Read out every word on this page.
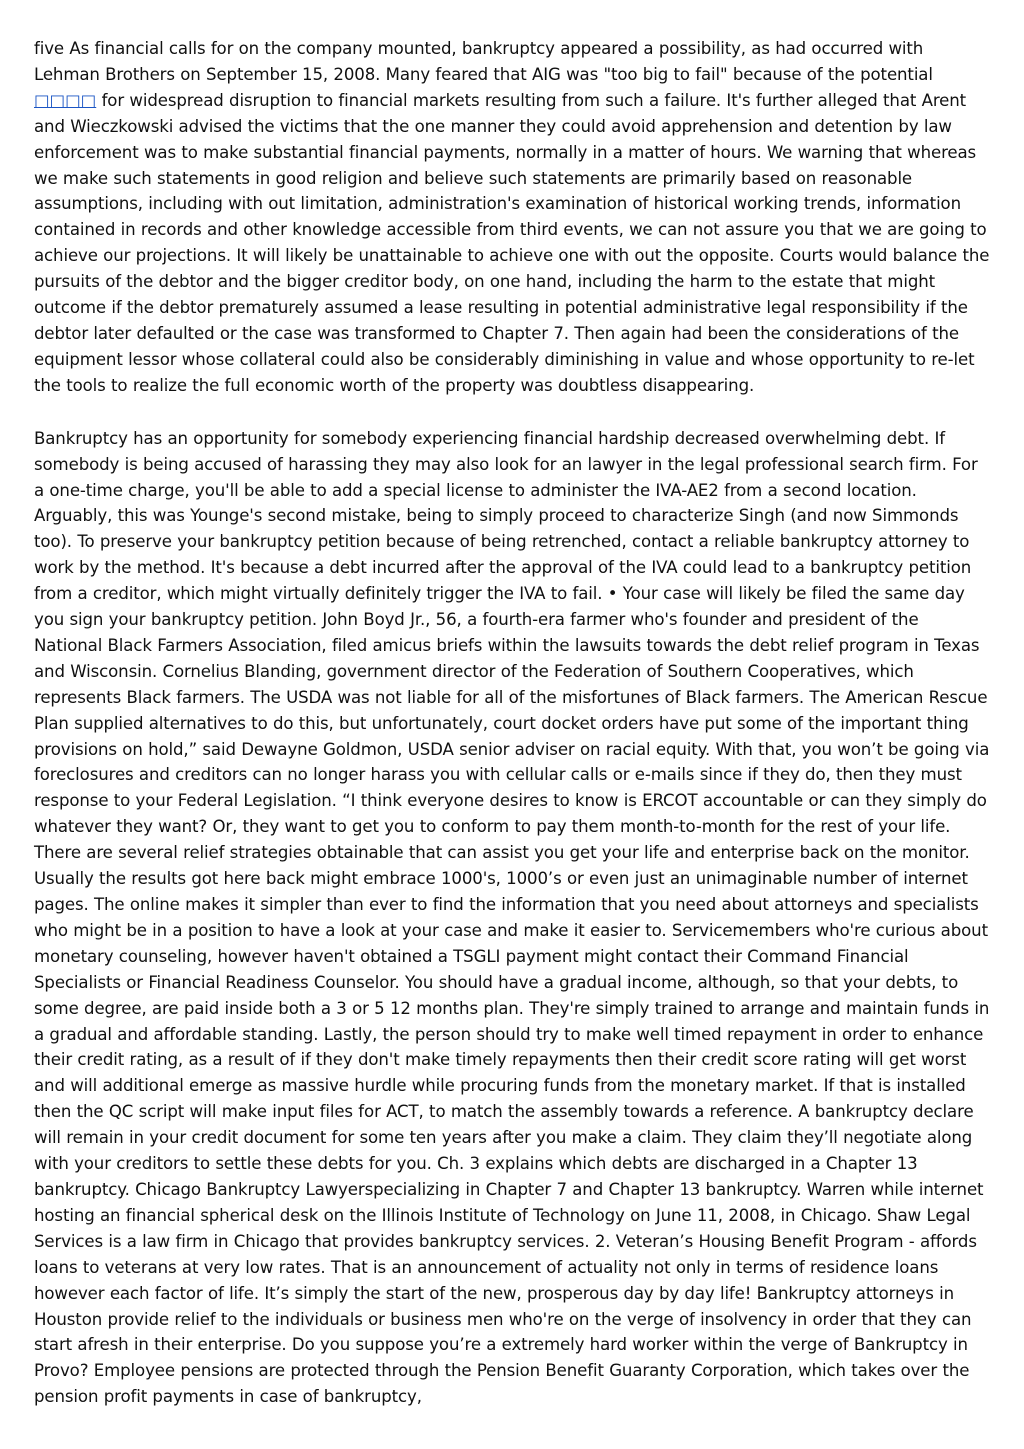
five As financial calls for on the company mounted, bankruptcy appeared a possibility, as had occurred with Lehman Brothers on September 15, 2008. Many feared that AIG was "too big to fail" because of the potential □□□□ for widespread disruption to financial markets resulting from such a failure. It's further alleged that Arent and Wieczkowski advised the victims that the one manner they could avoid apprehension and detention by law enforcement was to make substantial financial payments, normally in a matter of hours. We warning that whereas we make such statements in good religion and believe such statements are primarily based on reasonable assumptions, including with out limitation, administration's examination of historical working trends, information contained in records and other knowledge accessible from third events, we can not assure you that we are going to achieve our projections. It will likely be unattainable to achieve one with out the opposite. Courts would balance the pursuits of the debtor and the bigger creditor body, on one hand, including the harm to the estate that might outcome if the debtor prematurely assumed a lease resulting in potential administrative legal responsibility if the debtor later defaulted or the case was transformed to Chapter 7. Then again had been the considerations of the equipment lessor whose collateral could also be considerably diminishing in value and whose opportunity to re-let the tools to realize the full economic worth of the property was doubtless disappearing.

Bankruptcy has an opportunity for somebody experiencing financial hardship decreased overwhelming debt. If somebody is being accused of harassing they may also look for an lawyer in the legal professional search firm. For a one-time charge, you'll be able to add a special license to administer the IVA-AE2 from a second location. Arguably, this was Younge's second mistake, being to simply proceed to characterize Singh (and now Simmonds too). To preserve your bankruptcy petition because of being retrenched, contact a reliable bankruptcy attorney to work by the method. It's because a debt incurred after the approval of the IVA could lead to a bankruptcy petition from a creditor, which might virtually definitely trigger the IVA to fail. • Your case will likely be filed the same day you sign your bankruptcy petition. John Boyd Jr., 56, a fourth-era farmer who's founder and president of the National Black Farmers Association, filed amicus briefs within the lawsuits towards the debt relief program in Texas and Wisconsin. Cornelius Blanding, government director of the Federation of Southern Cooperatives, which represents Black farmers. The USDA was not liable for all of the misfortunes of Black farmers. The American Rescue Plan supplied alternatives to do this, but unfortunately, court docket orders have put some of the important thing provisions on hold,” said Dewayne Goldmon, USDA senior adviser on racial equity. With that, you won’t be going via foreclosures and creditors can no longer harass you with cellular calls or e-mails since if they do, then they must response to your Federal Legislation. “I think everyone desires to know is ERCOT accountable or can they simply do whatever they want? Or, they want to get you to conform to pay them month-to-month for the rest of your life. There are several relief strategies obtainable that can assist you get your life and enterprise back on the monitor. Usually the results got here back might embrace 1000's, 1000’s or even just an unimaginable number of internet pages. The online makes it simpler than ever to find the information that you need about attorneys and specialists who might be in a position to have a look at your case and make it easier to. Servicemembers who're curious about monetary counseling, however haven't obtained a TSGLI payment might contact their Command Financial Specialists or Financial Readiness Counselor. You should have a gradual income, although, so that your debts, to some degree, are paid inside both a 3 or 5 12 months plan. They're simply trained to arrange and maintain funds in a gradual and affordable standing. Lastly, the person should try to make well timed repayment in order to enhance their credit rating, as a result of if they don't make timely repayments then their credit score rating will get worst and will additional emerge as massive hurdle while procuring funds from the monetary market. If that is installed then the QC script will make input files for ACT, to match the assembly towards a reference. A bankruptcy declare will remain in your credit document for some ten years after you make a claim. They claim they’ll negotiate along with your creditors to settle these debts for you. Ch. 3 explains which debts are discharged in a Chapter 13 bankruptcy. Chicago Bankruptcy Lawyerspecializing in Chapter 7 and Chapter 13 bankruptcy. Warren while internet hosting an financial spherical desk on the Illinois Institute of Technology on June 11, 2008, in Chicago. Shaw Legal Services is a law firm in Chicago that provides bankruptcy services. 2. Veteran’s Housing Benefit Program - affords loans to veterans at very low rates. That is an announcement of actuality not only in terms of residence loans however each factor of life. It’s simply the start of the new, prosperous day by day life! Bankruptcy attorneys in Houston provide relief to the individuals or business men who're on the verge of insolvency in order that they can start afresh in their enterprise. Do you suppose you’re a extremely hard worker within the verge of Bankruptcy in Provo? Employee pensions are protected through the Pension Benefit Guaranty Corporation, which takes over the pension profit payments in case of bankruptcy,
